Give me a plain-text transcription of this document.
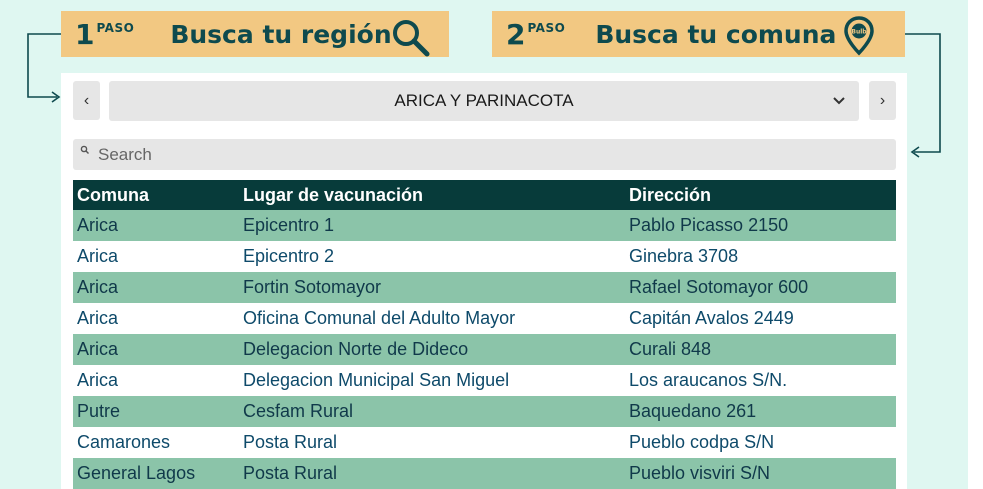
1 PASO Busca tu región	2 PASO Busca tu comuna Bulb
‹	ARICA Y PARINACOTA	›
Search
Comuna	Lugar de vacunación	Dirección
Arica	Epicentro 1	Pablo Picasso 2150
Arica	Epicentro 2	Ginebra 3708
Arica	Fortin Sotomayor	Rafael Sotomayor 600
Arica	Oficina Comunal del Adulto Mayor	Capitán Avalos 2449
Arica	Delegacion Norte de Dideco	Curali 848
Arica	Delegacion Municipal San Miguel	Los araucanos S/N.
Putre	Cesfam Rural	Baquedano 261
Camarones	Posta Rural	Pueblo codpa S/N
General Lagos	Posta Rural	Pueblo visviri S/N
